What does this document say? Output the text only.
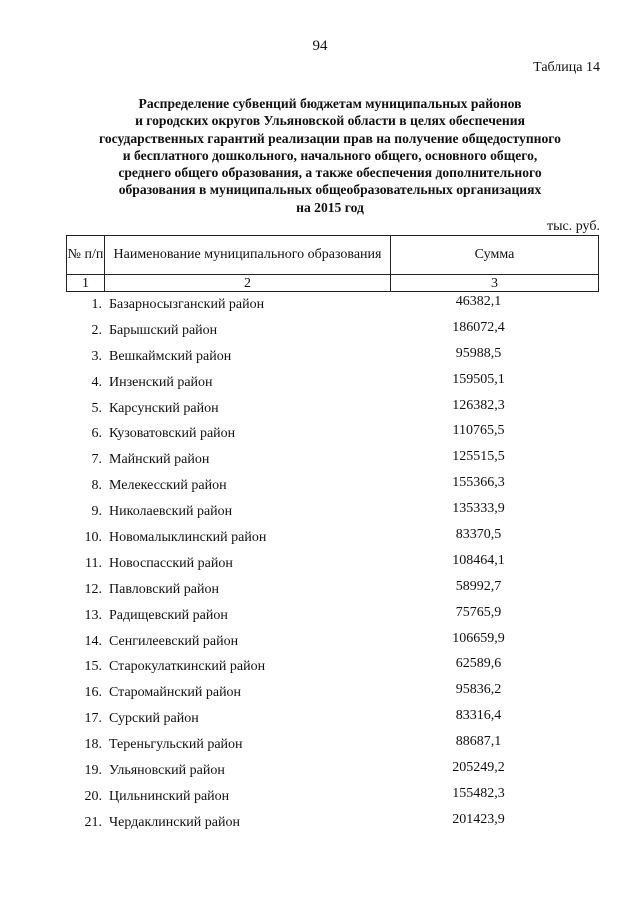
94
Таблица 14
Распределение субвенций бюджетам муниципальных районов
и городских округов Ульяновской области в целях обеспечения
государственных гарантий реализации прав на получение общедоступного
и бесплатного дошкольного, начального общего, основного общего,
среднего общего образования, а также обеспечения дополнительного
образования в муниципальных общеобразовательных организациях
на 2015 год
тыс. руб.
№ п/п	Наименование муниципального образования	Сумма
1	2	3
1. Базарносызганский район	46382,1
2. Барышский район	186072,4
3. Вешкаймский район	95988,5
4. Инзенский район	159505,1
5. Карсунский район	126382,3
6. Кузоватовский район	110765,5
7. Майнский район	125515,5
8. Мелекесский район	155366,3
9. Николаевский район	135333,9
10. Новомалыклинский район	83370,5
11. Новоспасский район	108464,1
12. Павловский район	58992,7
13. Радищевский район	75765,9
14. Сенгилеевский район	106659,9
15. Старокулаткинский район	62589,6
16. Старомайнский район	95836,2
17. Сурский район	83316,4
18. Тереньгульский район	88687,1
19. Ульяновский район	205249,2
20. Цильнинский район	155482,3
21. Чердаклинский район	201423,9
